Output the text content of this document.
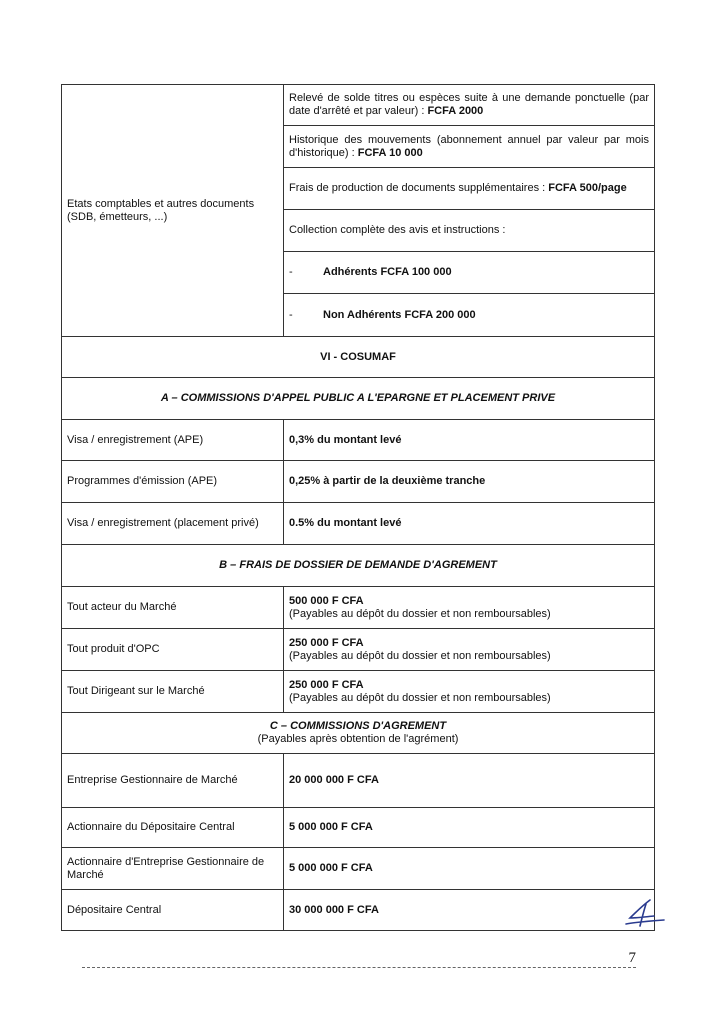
Etats comptables et autres documents (SDB, émetteurs, ...)	Relevé de solde titres ou espèces suite à une demande ponctuelle (par date d'arrêté et par valeur) : FCFA 2000
	Historique des mouvements (abonnement annuel par valeur par mois d'historique) : FCFA 10 000
	Frais de production de documents supplémentaires : FCFA 500/page
	Collection complète des avis et instructions :
	- Adhérents FCFA 100 000
	- Non Adhérents FCFA 200 000
VI - COSUMAF	
A – COMMISSIONS D'APPEL PUBLIC A L'EPARGNE ET PLACEMENT PRIVE	
Visa / enregistrement (APE)	0,3% du montant levé
Programmes d'émission (APE)	0,25% à partir de la deuxième tranche
Visa / enregistrement (placement privé)	0.5% du montant levé
B – FRAIS DE DOSSIER DE DEMANDE D'AGREMENT	
Tout acteur du Marché	500 000 F CFA
(Payables au dépôt du dossier et non remboursables)

Tout produit d'OPC	250 000 F CFA
(Payables au dépôt du dossier et non remboursables)

Tout Dirigeant sur le Marché	250 000 F CFA
(Payables au dépôt du dossier et non remboursables)

C – COMMISSIONS D'AGREMENT
(Payables après obtention de l'agrément)	

Entreprise Gestionnaire de Marché	20 000 000 F CFA
Actionnaire du Dépositaire Central	5 000 000 F CFA
Actionnaire d'Entreprise Gestionnaire de Marché	5 000 000 F CFA
Dépositaire Central	30 000 000 F CFA
7
